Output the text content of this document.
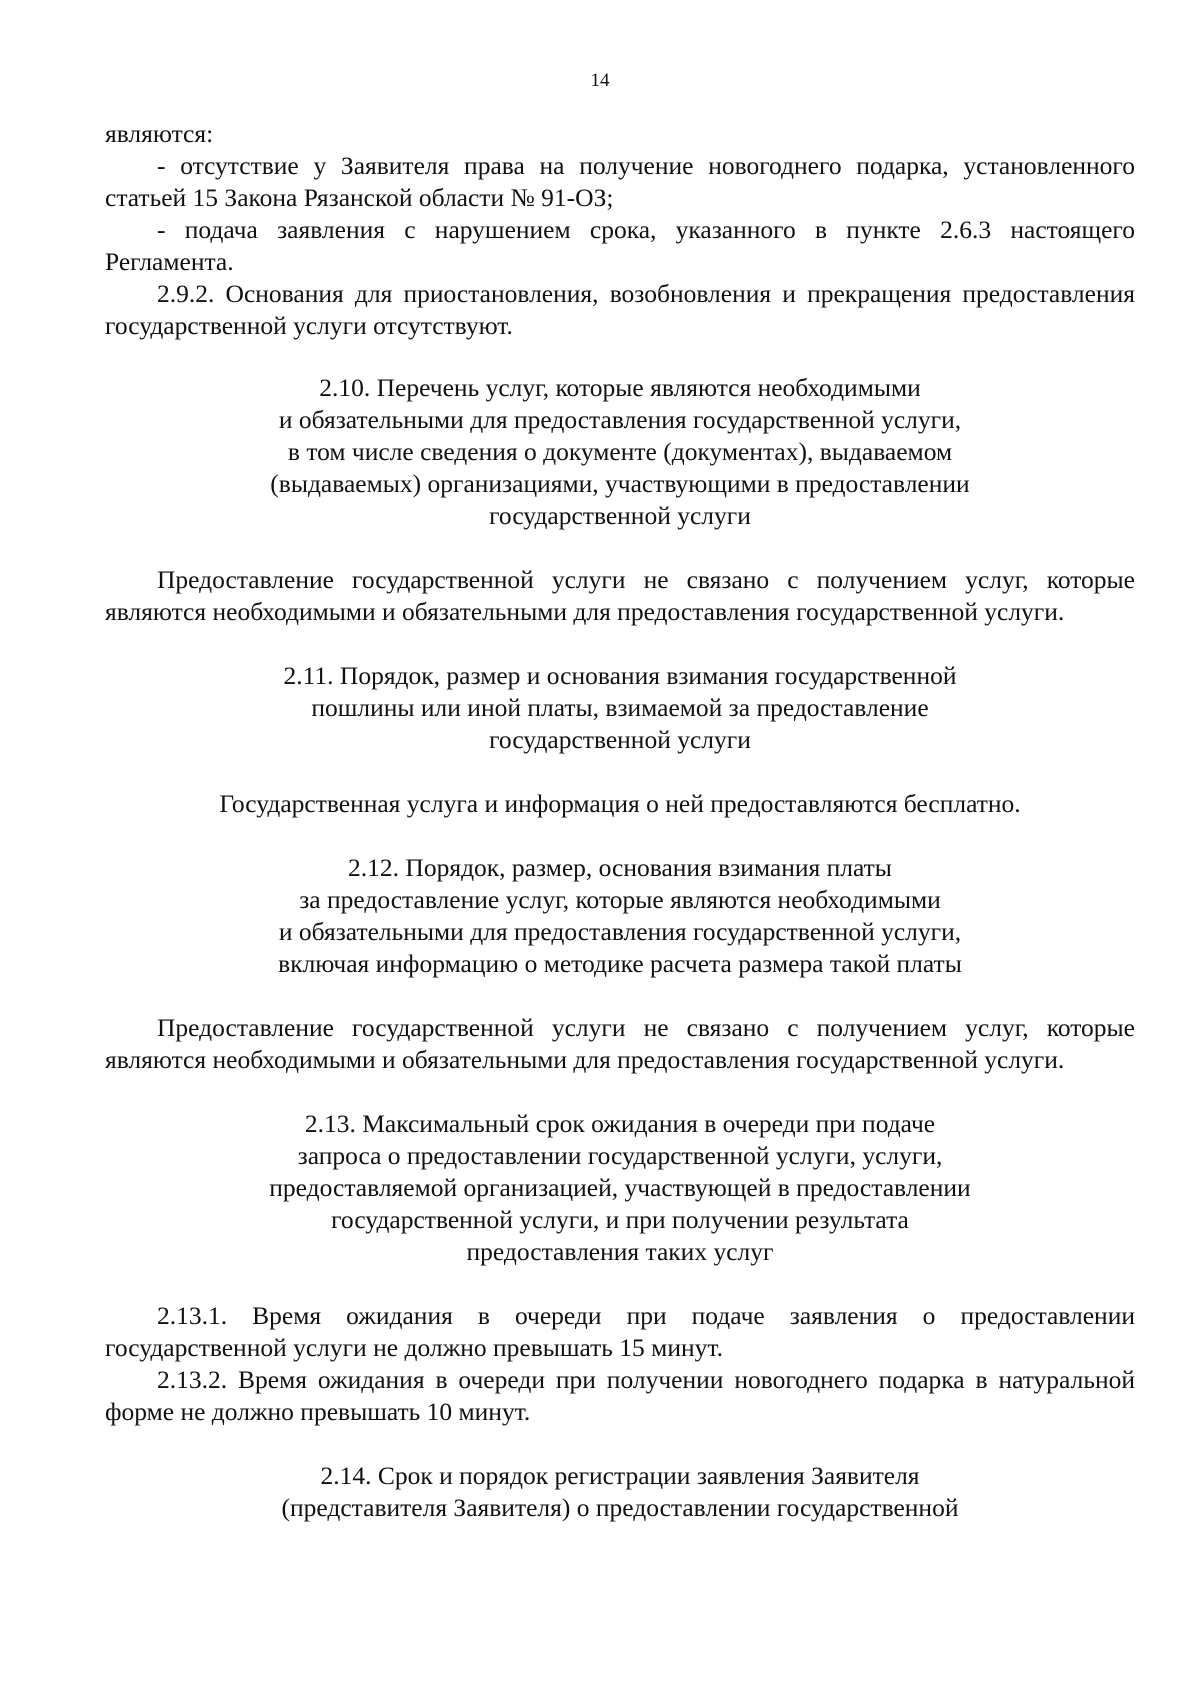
14

являются:

- отсутствие у Заявителя права на получение новогоднего подарка, установленного статьей 15 Закона Рязанской области № 91-ОЗ;

- подача заявления с нарушением срока, указанного в пункте 2.6.3 настоящего Регламента.

2.9.2. Основания для приостановления, возобновления и прекращения предоставления государственной услуги отсутствуют.

2.10. Перечень услуг, которые являются необходимыми
и обязательными для предоставления государственной услуги,
в том числе сведения о документе (документах), выдаваемом
(выдаваемых) организациями, участвующими в предоставлении
государственной услуги

Предоставление государственной услуги не связано с получением услуг, которые являются необходимыми и обязательными для предоставления государственной услуги.

2.11. Порядок, размер и основания взимания государственной
пошлины или иной платы, взимаемой за предоставление
государственной услуги

Государственная услуга и информация о ней предоставляются бесплатно.

2.12. Порядок, размер, основания взимания платы
за предоставление услуг, которые являются необходимыми
и обязательными для предоставления государственной услуги,
включая информацию о методике расчета размера такой платы

Предоставление государственной услуги не связано с получением услуг, которые являются необходимыми и обязательными для предоставления государственной услуги.

2.13. Максимальный срок ожидания в очереди при подаче
запроса о предоставлении государственной услуги, услуги,
предоставляемой организацией, участвующей в предоставлении
государственной услуги, и при получении результата
предоставления таких услуг

2.13.1. Время ожидания в очереди при подаче заявления о предоставлении государственной услуги не должно превышать 15 минут.

2.13.2. Время ожидания в очереди при получении новогоднего подарка в натуральной форме не должно превышать 10 минут.

2.14. Срок и порядок регистрации заявления Заявителя
(представителя Заявителя) о предоставлении государственной
